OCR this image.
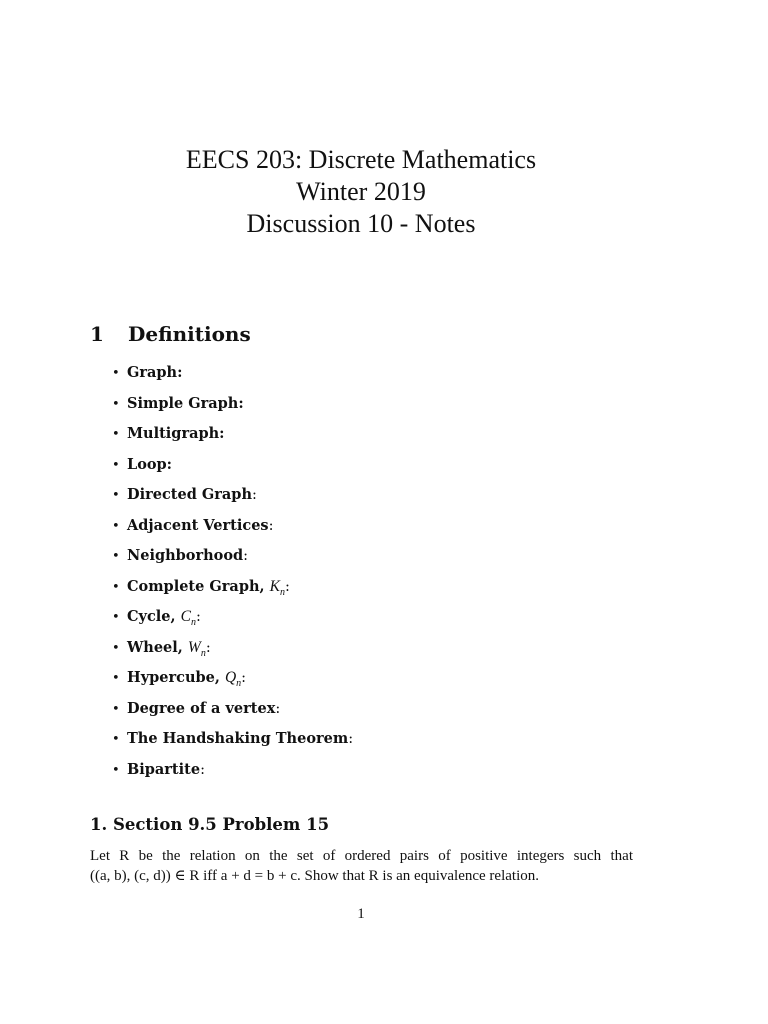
EECS 203: Discrete Mathematics
Winter 2019
Discussion 10 - Notes
1 Definitions
• Graph:
• Simple Graph:
• Multigraph:
• Loop:
• Directed Graph:
• Adjacent Vertices:
• Neighborhood:
• Complete Graph, $K_n$:
• Cycle, $C_n$:
• Wheel, $W_n$:
• Hypercube, $Q_n$:
• Degree of a vertex:
• The Handshaking Theorem:
• Bipartite:
1. Section 9.5 Problem 15
Let R be the relation on the set of ordered pairs of positive integers such that
((a, b), (c, d)) ∈ R iff a + d = b + c. Show that R is an equivalence relation.
1
